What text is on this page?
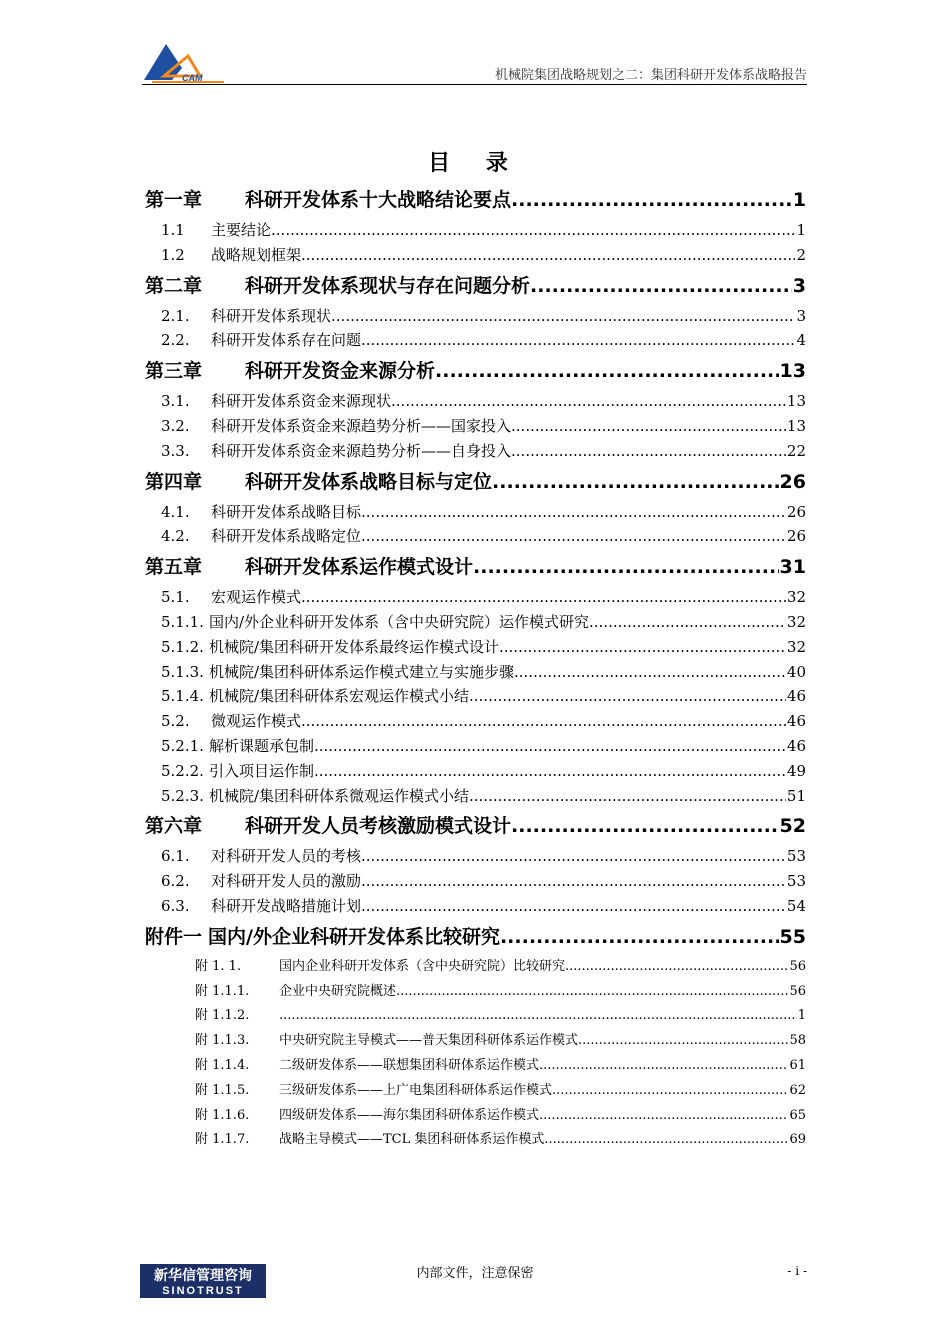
CAM	机械院集团战略规划之二：集团科研开发体系战略报告
目 录
第一章	科研开发体系十大战略结论要点 .....	1
1.1	主要结论 .....	1
1.2	战略规划框架 .....	2
第二章	科研开发体系现状与存在问题分析 .....	3
2.1.	科研开发体系现状 .....	3
2.2.	科研开发体系存在问题 .....	4
第三章	科研开发资金来源分析 .....	13
3.1.	科研开发体系资金来源现状 .....	13
3.2.	科研开发体系资金来源趋势分析——国家投入 .....	13
3.3.	科研开发体系资金来源趋势分析——自身投入 .....	22
第四章	科研开发体系战略目标与定位 .....	26
4.1.	科研开发体系战略目标 .....	26
4.2.	科研开发体系战略定位 .....	26
第五章	科研开发体系运作模式设计 .....	31
5.1.	宏观运作模式 .....	32
5.1.1. 国内/外企业科研开发体系（含中央研究院）运作模式研究 .....	32
5.1.2. 机械院/集团科研开发体系最终运作模式设计 .....	32
5.1.3. 机械院/集团科研体系运作模式建立与实施步骤 .....	40
5.1.4. 机械院/集团科研体系宏观运作模式小结 .....	46
5.2.	微观运作模式 .....	46
5.2.1. 解析课题承包制 .....	46
5.2.2. 引入项目运作制 .....	49
5.2.3. 机械院/集团科研体系微观运作模式小结 .....	51
第六章	科研开发人员考核激励模式设计 .....	52
6.1.	对科研开发人员的考核 .....	53
6.2.	对科研开发人员的激励 .....	53
6.3.	科研开发战略措施计划 .....	54
附件一 国内/外企业科研开发体系比较研究 .....	55
附 1. 1.	国内企业科研开发体系（含中央研究院）比较研究 .....	56
附 1.1.1.	企业中央研究院概述 .....	56
附 1.1.2. .....	1
附 1.1.3.	中央研究院主导模式——普天集团科研体系运作模式 .....	58
附 1.1.4.	二级研发体系——联想集团科研体系运作模式 .....	61
附 1.1.5.	三级研发体系——上广电集团科研体系运作模式 .....	62
附 1.1.6.	四级研发体系——海尔集团科研体系运作模式 .....	65
附 1.1.7.	战略主导模式——TCL 集团科研体系运作模式 .....	69
新华信管理咨询
SINOTRUST
内部文件，注意保密	- i -
